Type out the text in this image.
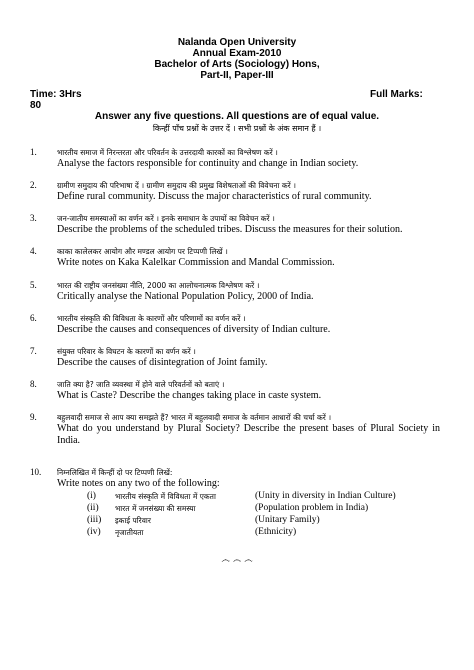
Nalanda Open University
Annual Exam-2010
Bachelor of Arts (Sociology) Hons,
Part-II, Paper-III
Time: 3Hrs	Full Marks:
80
Answer any five questions. All questions are of equal value.
किन्हीं पाँच प्रश्नों के उत्तर दें । सभी प्रश्नों के अंक समान हैं ।
1.	भारतीय समाज में निरन्तरता और परिवर्तन के उत्तरदायी कारकों का विश्लेषण करें ।
Analyse the factors responsible for continuity and change in Indian society.
2.	ग्रामीण समुदाय की परिभाषा दें । ग्रामीण समुदाय की प्रमुख विशेषताओं की विवेचना करें ।
Define rural community. Discuss the major characteristics of rural community.
3.	जन-जातीय समस्याओं का वर्णन करें । इनके समाधान के उपायों का विवेचन करें ।
Describe the problems of the scheduled tribes. Discuss the measures for their solution.
4.	काका कालेलकर आयोग और मण्डल आयोग पर टिप्पणी लिखें ।
Write notes on Kaka Kalelkar Commission and Mandal Commission.
5.	भारत की राष्ट्रीय जनसंख्या नीति, 2000 का आलोचनात्मक विश्लेषण करें ।
Critically analyse the National Population Policy, 2000 of India.
6.	भारतीय संस्कृति की विविधता के कारणों और परिणामों का वर्णन करें ।
Describe the causes and consequences of diversity of Indian culture.
7.	संयुक्त परिवार के विघटन के कारणों का वर्णन करें ।
Describe the causes of disintegration of Joint family.
8.	जाति क्या है? जाति व्यवस्था में होने वाले परिवर्तनों को बताएं ।
What is Caste? Describe the changes taking place in caste system.
9.	बहुलवादी समाज से आप क्या समझते हैं? भारत में बहुलवादी समाज के वर्तमान आधारों की चर्चा करें ।
What do you understand by Plural Society? Describe the present bases of Plural Society in India.
10. निम्नलिखित में किन्हीं दो पर टिप्पणी लिखें:
Write notes on any two of the following:
(i)	भारतीय संस्कृति में विविधता में एकता	(Unity in diversity in Indian Culture)
(ii)	भारत में जनसंख्या की समस्या	(Population problem in India)
(iii)	इकाई परिवार	(Unitary Family)
(iv)	नृजातीयता	(Ethnicity)
෴ ෴ ෴
